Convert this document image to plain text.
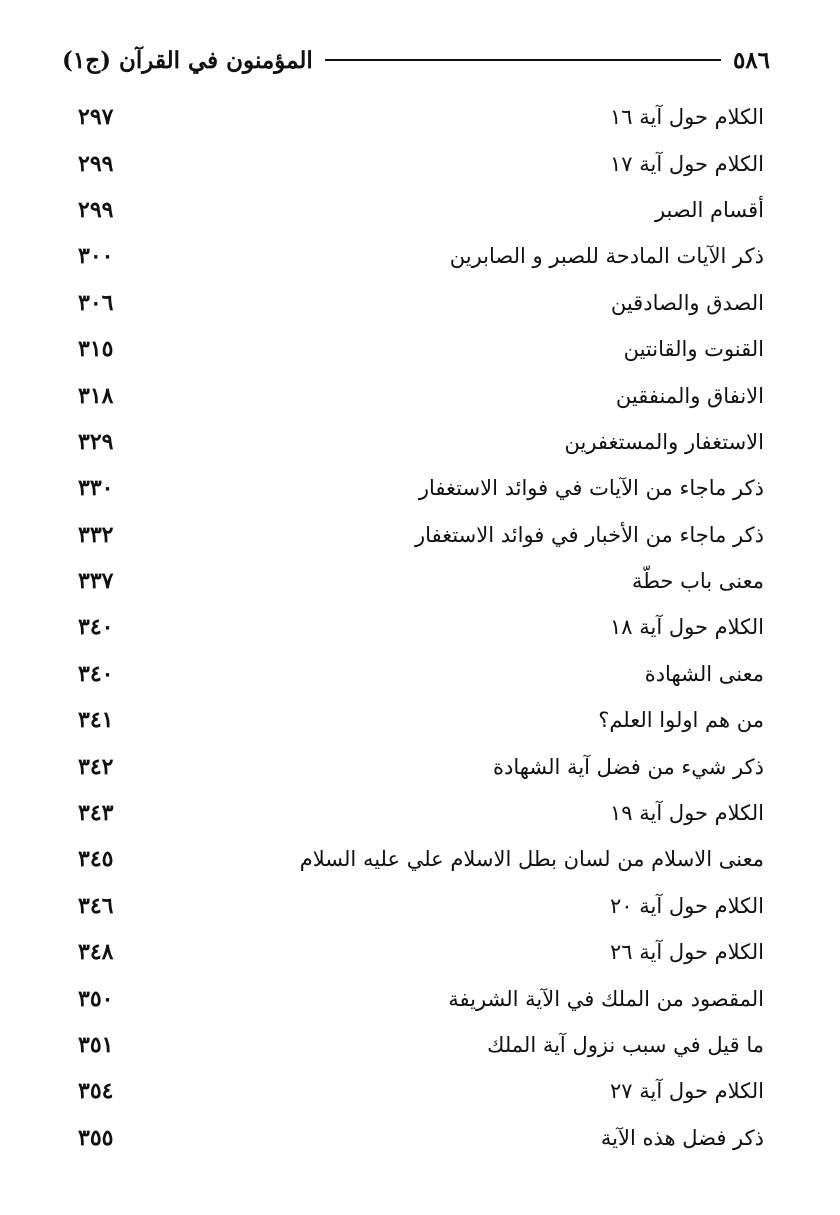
المؤمنون في القرآن (ج١)	٥٨٦
٢٩٧	الكلام حول آية ١٦
٢٩٩	الكلام حول آية ١٧
٢٩٩	أقسام الصبر
٣٠٠	ذكر الآيات المادحة للصبر و الصابرين
٣٠٦	الصدق والصادقين
٣١٥	القنوت والقانتين
٣١٨	الانفاق والمنفقين
٣٢٩	الاستغفار والمستغفرين
٣٣٠	ذكر ماجاء من الآيات في فوائد الاستغفار
٣٣٢	ذكر ماجاء من الأخبار في فوائد الاستغفار
٣٣٧	معنى باب حطّة
٣٤٠	الكلام حول آية ١٨
٣٤٠	معنى الشهادة
٣٤١	من هم اولوا العلم؟
٣٤٢	ذكر شيء من فضل آية الشهادة
٣٤٣	الكلام حول آية ١٩
٣٤٥	معنى الاسلام من لسان بطل الاسلام علي عليه السلام
٣٤٦	الكلام حول آية ٢٠
٣٤٨	الكلام حول آية ٢٦
٣٥٠	المقصود من الملك في الآية الشريفة
٣٥١	ما قيل في سبب نزول آية الملك
٣٥٤	الكلام حول آية ٢٧
٣٥٥	ذكر فضل هذه الآية
